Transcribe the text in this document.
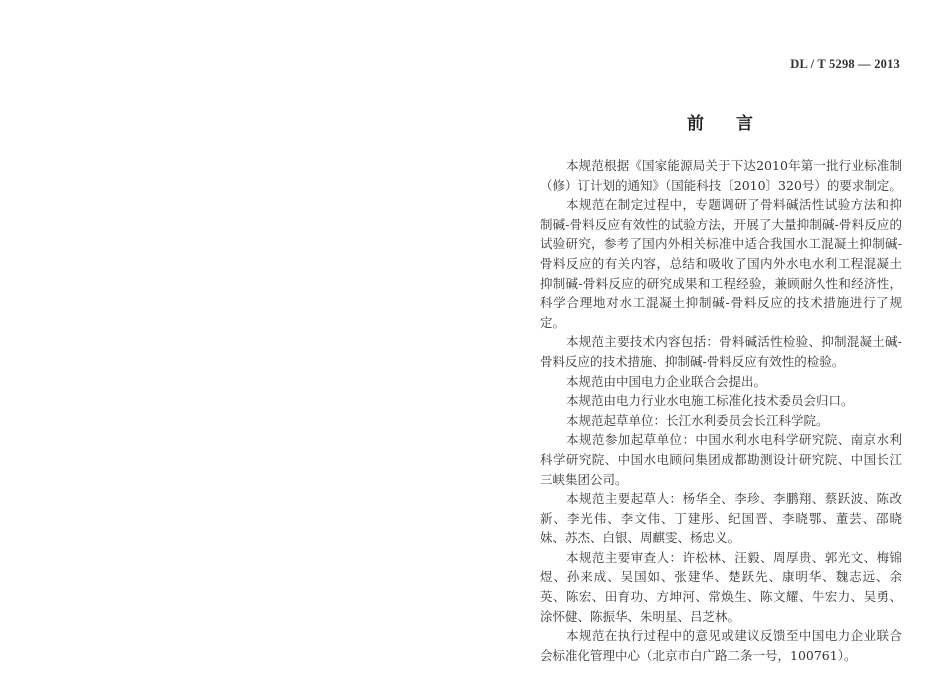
DL / T 5298 — 2013
前言

本规范根据《国家能源局关于下达2010年第一批行业标准制（修）订计划的通知》（国能科技〔2010〕320号）的要求制定。

本规范在制定过程中，专题调研了骨料碱活性试验方法和抑制碱-骨料反应有效性的试验方法，开展了大量抑制碱-骨料反应的试验研究，参考了国内外相关标准中适合我国水工混凝土抑制碱-骨料反应的有关内容，总结和吸收了国内外水电水利工程混凝土抑制碱-骨料反应的研究成果和工程经验，兼顾耐久性和经济性，科学合理地对水工混凝土抑制碱-骨料反应的技术措施进行了规定。

本规范主要技术内容包括：骨料碱活性检验、抑制混凝土碱-骨料反应的技术措施、抑制碱-骨料反应有效性的检验。

本规范由中国电力企业联合会提出。

本规范由电力行业水电施工标准化技术委员会归口。

本规范起草单位：长江水利委员会长江科学院。

本规范参加起草单位：中国水利水电科学研究院、南京水利科学研究院、中国水电顾问集团成都勘测设计研究院、中国长江三峡集团公司。

本规范主要起草人：杨华全、李珍、李鹏翔、蔡跃波、陈改新、李光伟、李文伟、丁建彤、纪国晋、李晓鄂、董芸、邵晓妹、苏杰、白银、周麒雯、杨忠义。

本规范主要审查人：许松林、汪毅、周厚贵、郭光文、梅锦煜、孙来成、吴国如、张建华、楚跃先、康明华、魏志远、余英、陈宏、田育功、方坤河、常焕生、陈文耀、牛宏力、吴勇、涂怀健、陈振华、朱明星、吕芝林。

本规范在执行过程中的意见或建议反馈至中国电力企业联合会标准化管理中心（北京市白广路二条一号，100761）。
